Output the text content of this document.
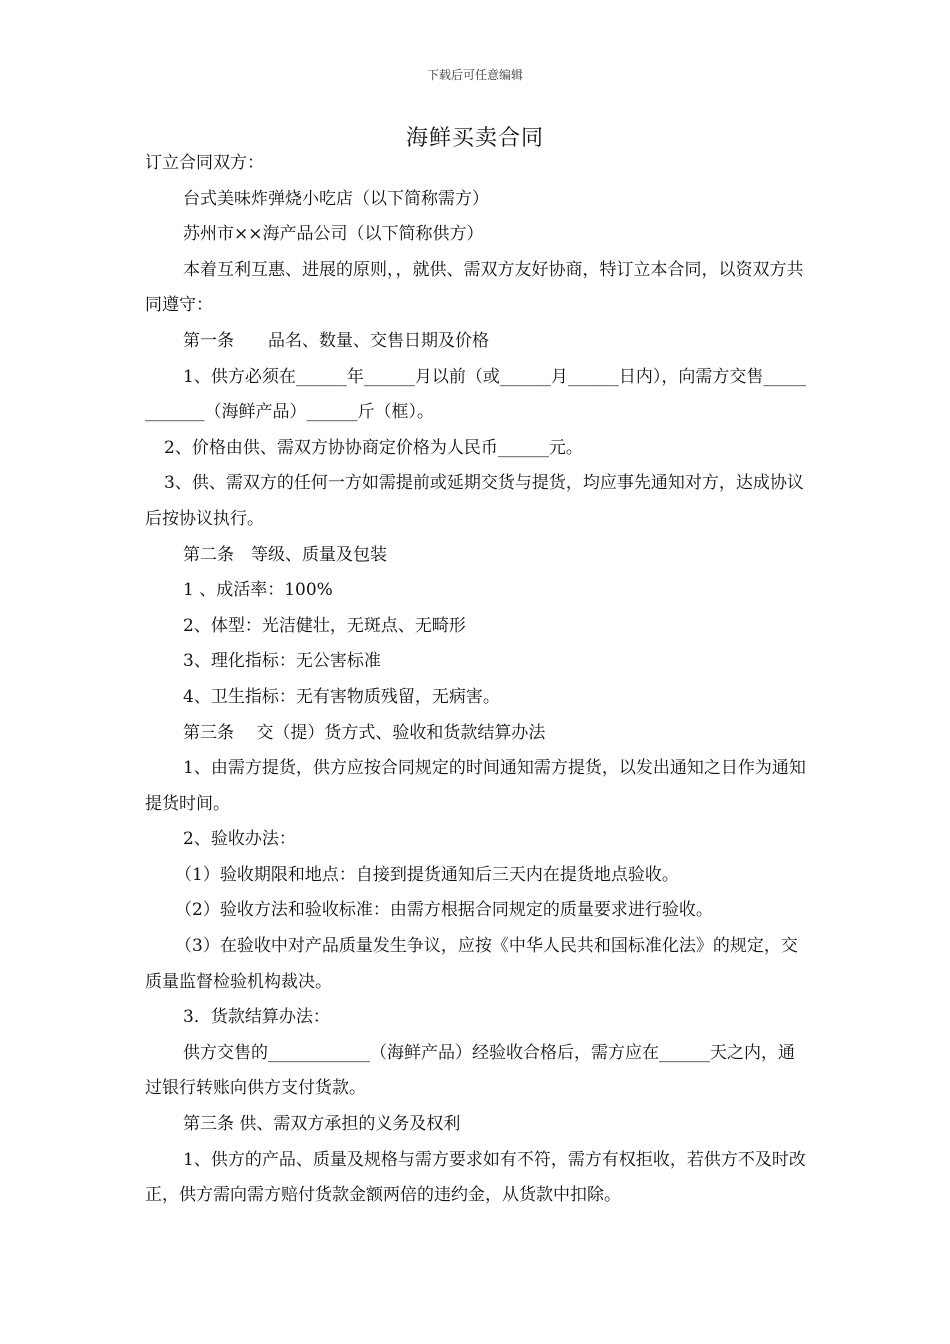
下载后可任意编辑
海鲜买卖合同

订立合同双方：

台式美味炸弹烧小吃店（以下简称需方）

苏州市××海产品公司（以下简称供方）

本着互利互惠、进展的原则，，就供、需双方友好协商，特订立本合同，以资双方共同遵守：

第一条　　品名、数量、交售日期及价格

1、供方必须在______年______月以前（或______月______日内），向需方交售____________（海鲜产品）______斤（框）。

2、价格由供、需双方协协商定价格为人民币______元。

3、供、需双方的任何一方如需提前或延期交货与提货，均应事先通知对方，达成协议后按协议执行。

第二条　等级、质量及包装

1 、成活率：100%

2、体型：光洁健壮，无斑点、无畸形

3、理化指标：无公害标准

4、卫生指标：无有害物质残留，无病害。

第三条　 交（提）货方式、验收和货款结算办法

1、由需方提货，供方应按合同规定的时间通知需方提货，以发出通知之日作为通知提货时间。

2、验收办法：

（1）验收期限和地点：自接到提货通知后三天内在提货地点验收。

（2）验收方法和验收标准：由需方根据合同规定的质量要求进行验收。

（3）在验收中对产品质量发生争议，应按《中华人民共和国标准化法》的规定，交质量监督检验机构裁决。

3．货款结算办法：

供方交售的____________（海鲜产品）经验收合格后，需方应在______天之内，通过银行转账向供方支付货款。

第三条 供、需双方承担的义务及权利

1、供方的产品、质量及规格与需方要求如有不符，需方有权拒收，若供方不及时改正，供方需向需方赔付货款金额两倍的违约金，从货款中扣除。
